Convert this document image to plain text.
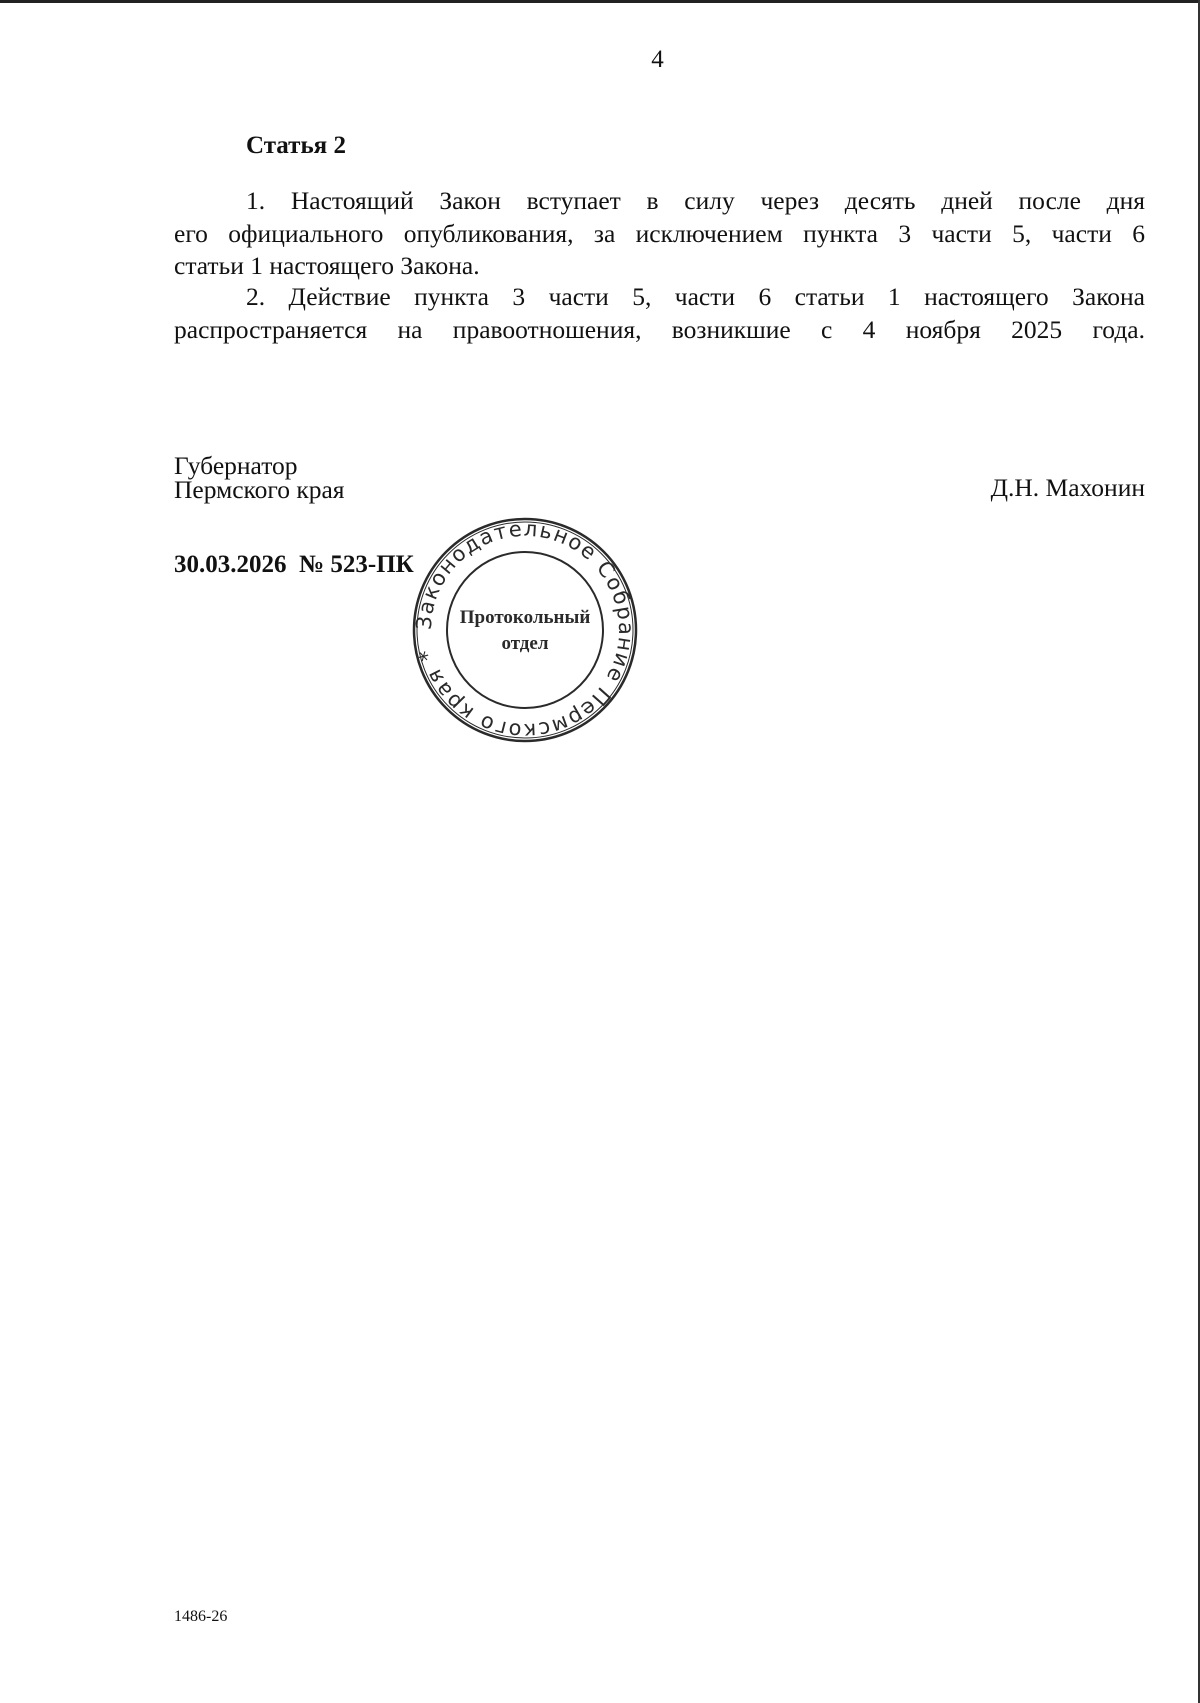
4
Статья 2
1. Настоящий Закон вступает в силу через десять дней после дня
его официального опубликования, за исключением пункта 3 части 5, части 6
статьи 1 настоящего Закона.
2. Действие пункта 3 части 5, части 6 статьи 1 настоящего Закона
распространяется на правоотношения, возникшие с 4 ноября 2025 года.
Губернатор
Пермского края	Д.Н. Махонин
30.03.2026  № 523-ПК
Законодательное Собрание Пермского края *
Протокольный
отдел
1486-26
